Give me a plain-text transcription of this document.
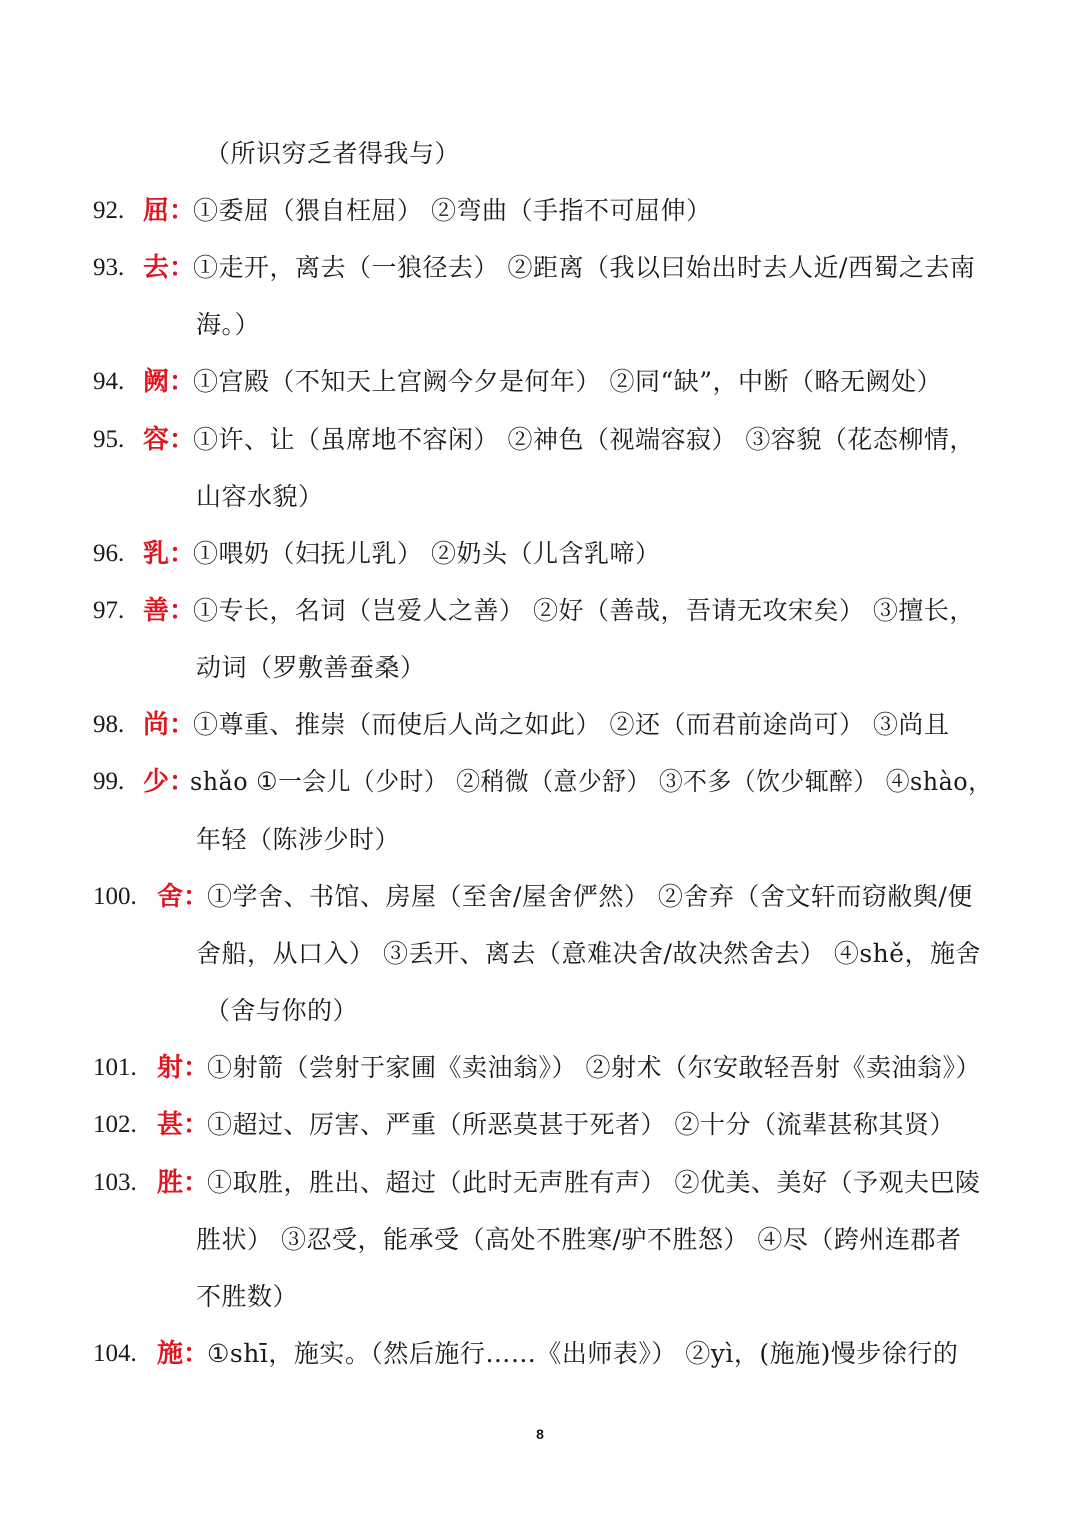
（所识穷乏者得我与）
92. 屈：
①委屈（猥自枉屈） ②弯曲（手指不可屈伸）
93. 去：
①走开，离去（一狼径去） ②距离（我以曰始出时去人近/西蜀之去南
海。）
94. 阙：
①宫殿（不知天上宫阙今夕是何年） ②同“缺”，中断（略无阙处）
95. 容：
①许、让（虽席地不容闲） ②神色（视端容寂） ③容貌（花态柳情，
山容水貌）
96. 乳：
①喂奶（妇抚儿乳） ②奶头（儿含乳啼）
97. 善：
①专长，名词（岂爱人之善） ②好（善哉，吾请无攻宋矣） ③擅长，
动词（罗敷善蚕桑）
98. 尚：
①尊重、推崇（而使后人尚之如此） ②还（而君前途尚可） ③尚且
99. 少：
shǎo ①一会儿（少时） ②稍微（意少舒） ③不多（饮少辄醉） ④shào，
年轻（陈涉少时）
100. 舍：
①学舍、书馆、房屋（至舍/屋舍俨然） ②舍弃（舍文轩而窃敝舆/便
舍船，从口入） ③丢开、离去（意难决舍/故决然舍去） ④shě，施舍
（舍与你的）
101. 射：
①射箭（尝射于家圃《卖油翁》） ②射术（尔安敢轻吾射《卖油翁》）
102. 甚：
①超过、厉害、严重（所恶莫甚于死者） ②十分（流辈甚称其贤）
103. 胜：
①取胜，胜出、超过（此时无声胜有声） ②优美、美好（予观夫巴陵
胜状） ③忍受，能承受（高处不胜寒/驴不胜怒） ④尽（跨州连郡者
不胜数）
104. 施：
①shī，施实。（然后施行……《出师表》） ②yì，(施施)慢步徐行的
8
